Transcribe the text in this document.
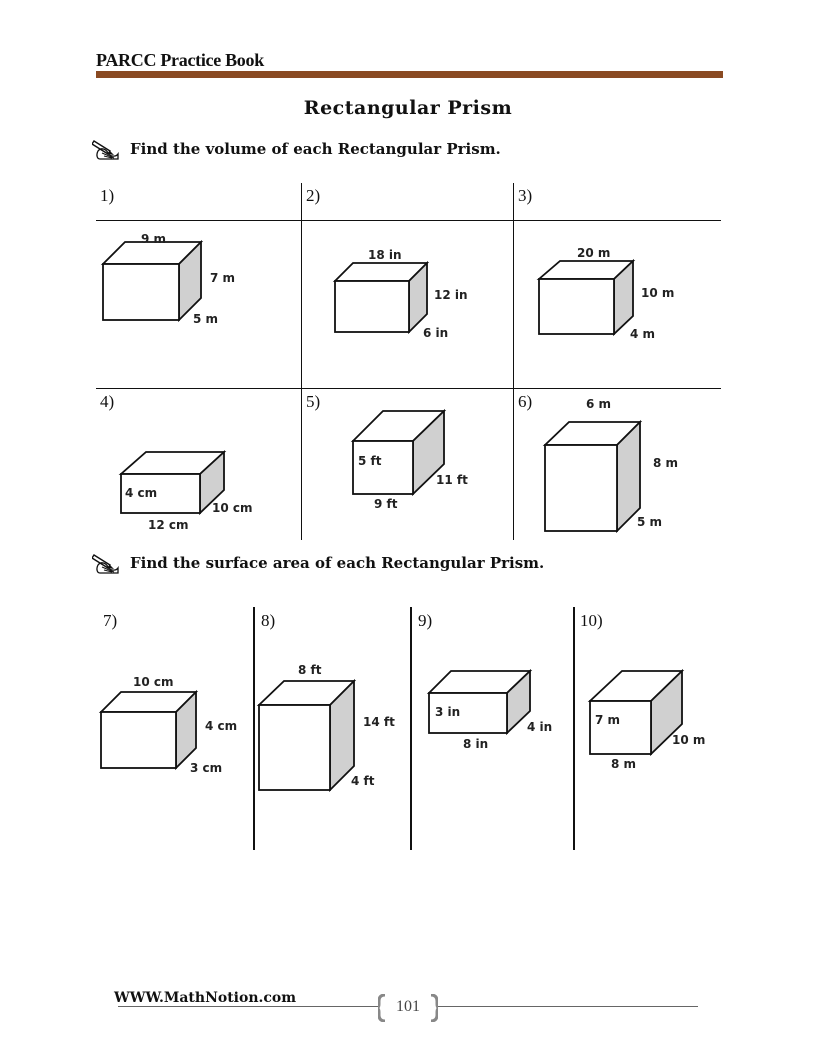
PARCC Practice Book
Rectangular Prism
Find the volume of each Rectangular Prism.
1)	2)	3)
4)	5)	6)
9 m
7 m
5 m
18 in
12 in
6 in
20 m
10 m
4 m
4 cm
12 cm
10 cm
5 ft
9 ft
11 ft
6 m
8 m
5 m
Find the surface area of each Rectangular Prism.
7)	8)	9)	10)
10 cm
4 cm
3 cm
8 ft
14 ft
4 ft
3 in
8 in
4 in	7 m
8 m
10 m
WWW.MathNotion.com	101
